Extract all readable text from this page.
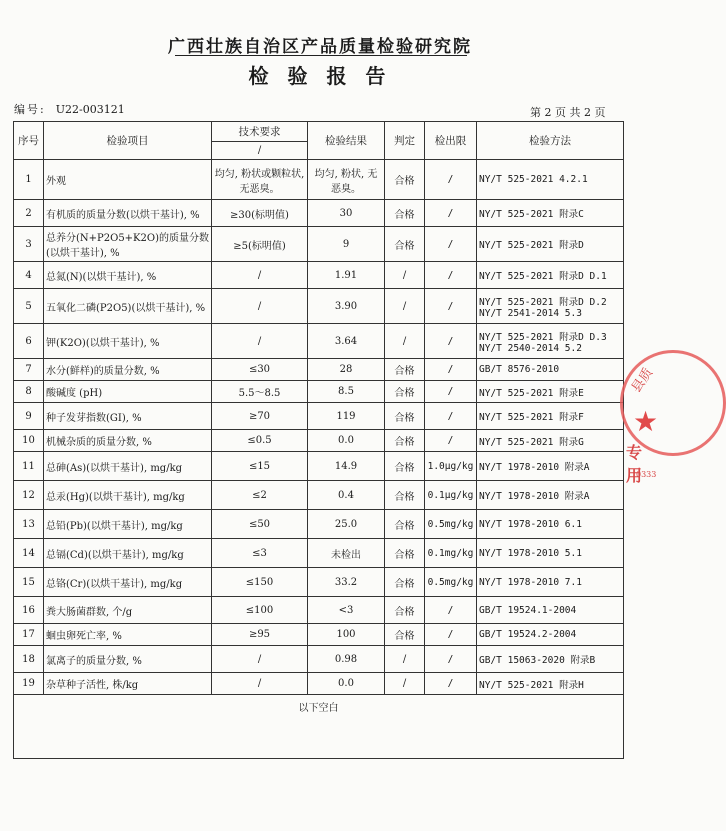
广西壮族自治区产品质量检验研究院
检 验 报 告
编号: U22-003121	第 2 页 共 2 页
序号	检验项目	技术要求	检验结果	判定	检出限	检验方法
		/				
1	外观	均匀, 粉状或颗粒状, 无恶臭。	均匀, 粉状, 无恶臭。	合格	/	NY/T 525-2021 4.2.1

2	有机质的质量分数(以烘干基计), %	≥30(标明值)	30	合格	/	NY/T 525-2021 附录C

3	总养分(N+P2O5+K2O)的质量分数(以烘干基计), %	≥5(标明值)	9	合格	/	NY/T 525-2021 附录D

4	总氮(N)(以烘干基计), %	/	1.91	/	/	NY/T 525-2021 附录D D.1

5	五氧化二磷(P2O5)(以烘干基计), %	/	3.90	/	/	NY/T 525-2021 附录D D.2
NY/T 2541-2014 5.3

6	钾(K2O)(以烘干基计), %	/	3.64	/	/	NY/T 525-2021 附录D D.3
NY/T 2540-2014 5.2

7	水分(鲜样)的质量分数, %	≤30	28	合格	/	GB/T 8576-2010

8	酸碱度 (pH)	5.5～8.5	8.5	合格	/	NY/T 525-2021 附录E

9	种子发芽指数(GI), %	≥70	119	合格	/	NY/T 525-2021 附录F

10	机械杂质的质量分数, %	≤0.5	0.0	合格	/	NY/T 525-2021 附录G

11	总砷(As)(以烘干基计), mg/kg	≤15	14.9	合格	1.0μg/kg	NY/T 1978-2010 附录A

12	总汞(Hg)(以烘干基计), mg/kg	≤2	0.4	合格	0.1μg/kg	NY/T 1978-2010 附录A

13	总铅(Pb)(以烘干基计), mg/kg	≤50	25.0	合格	0.5mg/kg	NY/T 1978-2010 6.1

14	总镉(Cd)(以烘干基计), mg/kg	≤3	未检出	合格	0.1mg/kg	NY/T 1978-2010 5.1

15	总铬(Cr)(以烘干基计), mg/kg	≤150	33.2	合格	0.5mg/kg	NY/T 1978-2010 7.1

16	粪大肠菌群数, 个/g	≤100	<3	合格	/	GB/T 19524.1-2004

17	蛔虫卵死亡率, %	≥95	100	合格	/	GB/T 19524.2-2004

18	氯离子的质量分数, %	/	0.98	/	/	GB/T 15063-2020 附录B

19	杂草种子活性, 株/kg	/	0.0	/	/	NY/T 525-2021 附录H

以下空白						
★
县质
专用
0333
